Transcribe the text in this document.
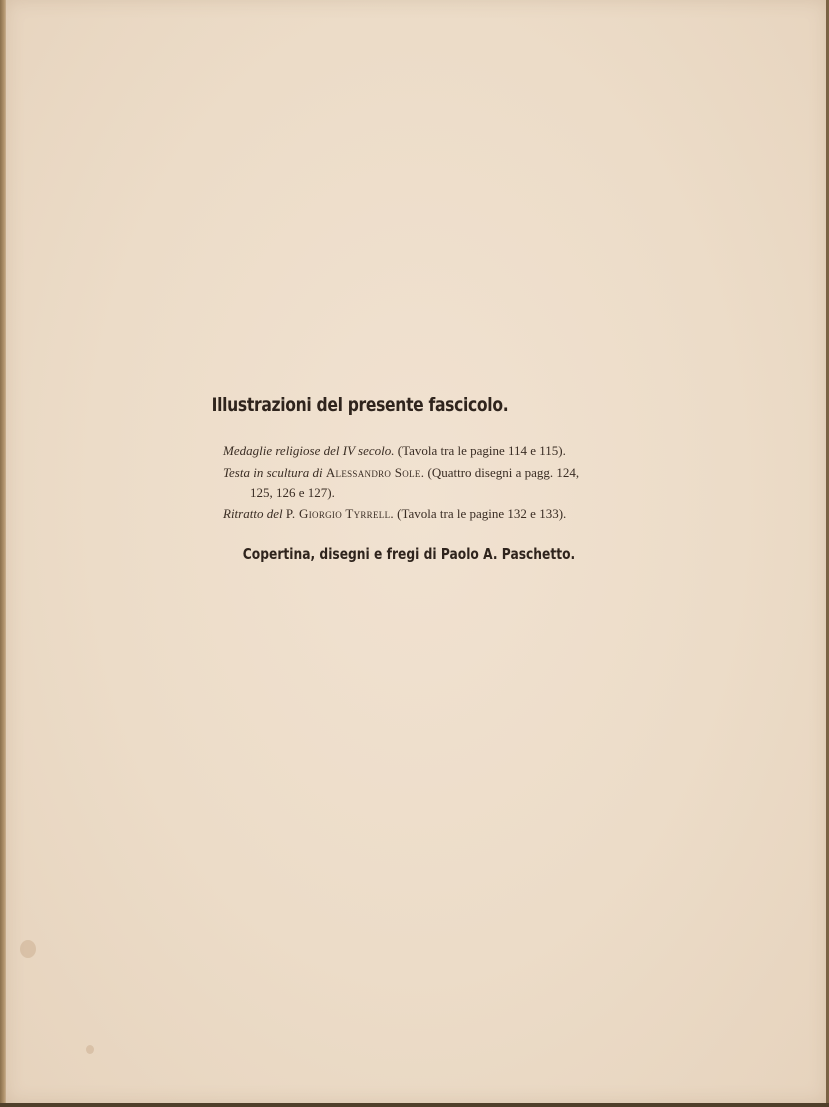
Illustrazioni del presente fascicolo.
Medaglie religiose del IV secolo. (Tavola tra le pagine 114 e 115).
Testa in scultura di Alessandro Sole. (Quattro disegni a pagg. 124,
125, 126 e 127).
Ritratto del P. Giorgio Tyrrell. (Tavola tra le pagine 132 e 133).
Copertina, disegni e fregi di Paolo A. Paschetto.
